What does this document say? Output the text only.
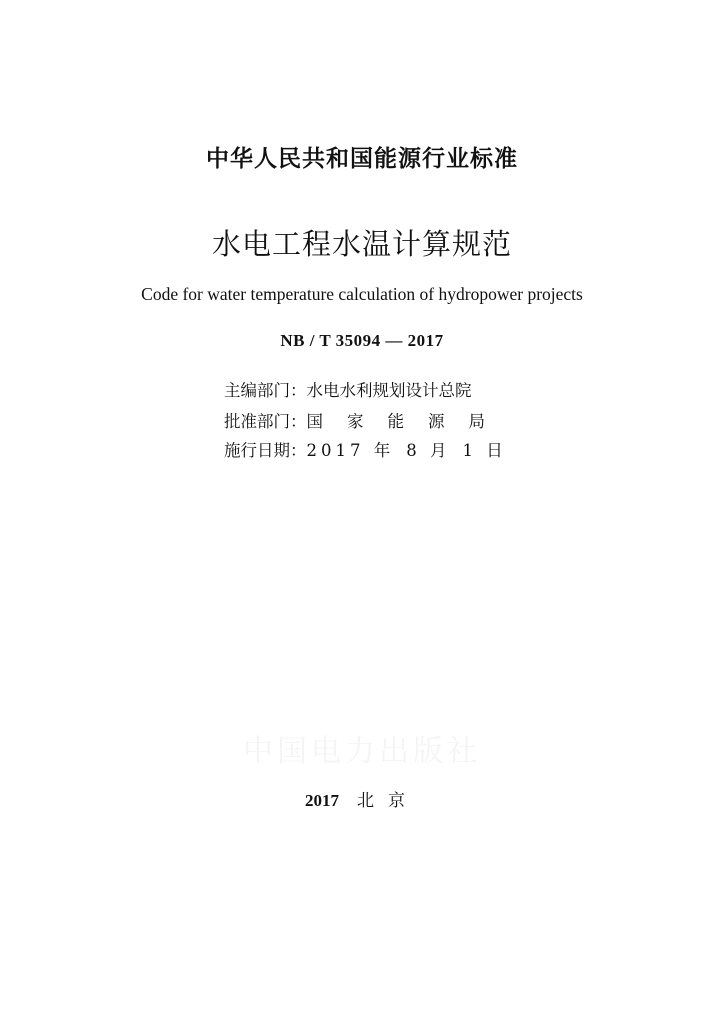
中华人民共和国能源行业标准
水电工程水温计算规范
Code for water temperature calculation of hydropower projects
NB / T 35094 — 2017
主编部门：水电水利规划设计总院
批准部门：国家能源局
施行日期：2017 年 8 月 1 日
中国电力出版社
2017 北京
